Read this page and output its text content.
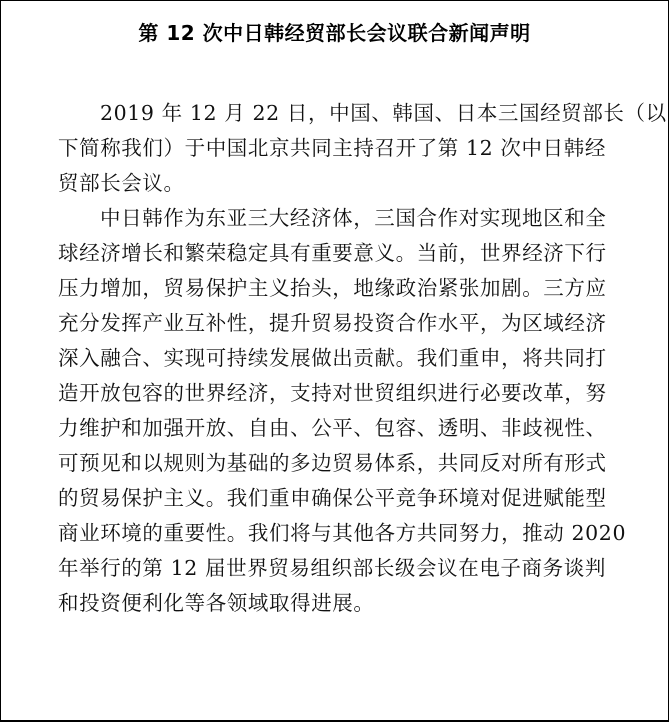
第 12 次中日韩经贸部长会议联合新闻声明
2019 年 12 月 22 日，中国、韩国、日本三国经贸部长（以
下简称我们）于中国北京共同主持召开了第 12 次中日韩经
贸部长会议。
中日韩作为东亚三大经济体，三国合作对实现地区和全
球经济增长和繁荣稳定具有重要意义。当前，世界经济下行
压力增加，贸易保护主义抬头，地缘政治紧张加剧。三方应
充分发挥产业互补性，提升贸易投资合作水平，为区域经济
深入融合、实现可持续发展做出贡献。我们重申，将共同打
造开放包容的世界经济，支持对世贸组织进行必要改革，努
力维护和加强开放、自由、公平、包容、透明、非歧视性、
可预见和以规则为基础的多边贸易体系，共同反对所有形式
的贸易保护主义。我们重申确保公平竞争环境对促进赋能型
商业环境的重要性。我们将与其他各方共同努力，推动 2020
年举行的第 12 届世界贸易组织部长级会议在电子商务谈判
和投资便利化等各领域取得进展。
